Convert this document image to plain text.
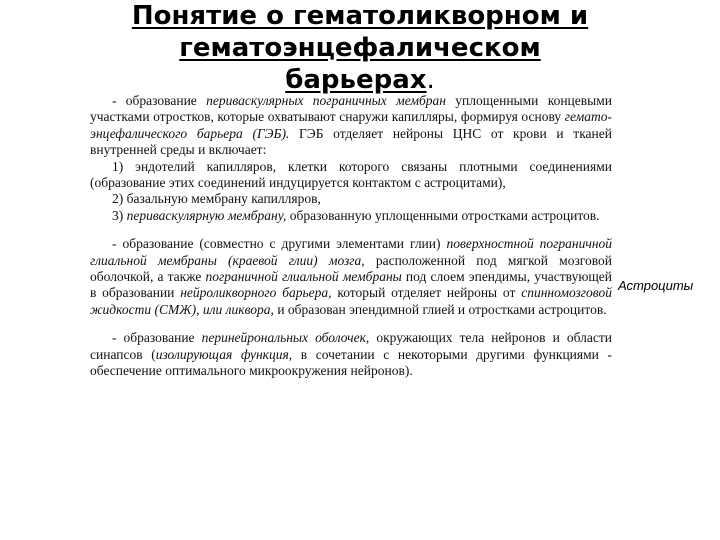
Понятие о гематоликворном и
гематоэнцефалическом
барьерах.

- образование периваскулярных пограничных мембран уплощенными концевыми участками отростков, которые охватывают снаружи капилляры, формируя основу гемато-энцефалического барьера (ГЭБ). ГЭБ отделяет нейроны ЦНС от крови и тканей внутренней среды и включает:

1) эндотелий капилляров, клетки которого связаны плотными соединениями (образование этих соединений индуцируется контактом с астроцитами),

2) базальную мембрану капилляров,

3) периваскулярную мембрану, образованную уплощенными отростками астроцитов.

- образование (совместно с другими элементами глии) поверхностной пограничной глиальной мембраны (краевой глии) мозга, расположенной под мягкой мозговой оболочкой, а также пограничной глиальной мембраны под слоем эпендимы, участвующей в образовании нейроликворного барьера, который отделяет нейроны от спинномозговой жидкости (СМЖ), или ликвора, и образован эпендимной глией и отростками астроцитов.

- образование перинейрональных оболочек, окружающих тела нейронов и области синапсов (изолирующая функция, в сочетании с некоторыми другими функциями - обеспечение оптимального микроокружения нейронов).

Астроциты
